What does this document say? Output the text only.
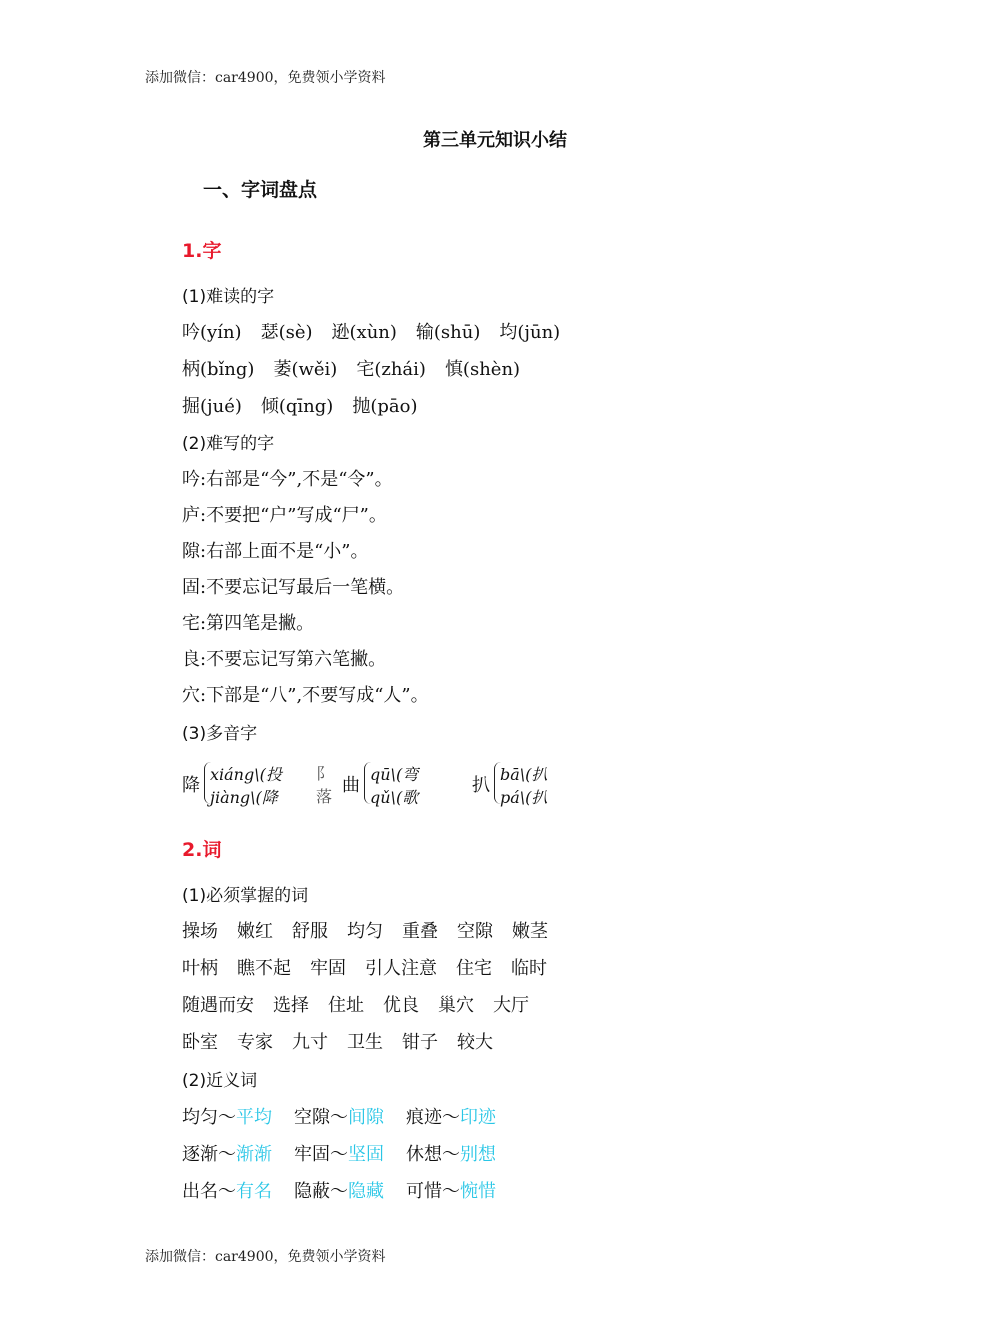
添加微信：car4900，免费领小学资料
第三单元知识小结
一、字词盘点
1.字
(1)难读的字
吟(yín) 瑟(sè) 逊(xùn) 输(shū) 均(jūn)
柄(bǐng) 萎(wěi) 宅(zhái) 慎(shèn)
掘(jué) 倾(qīng) 抛(pāo)
(2)难写的字
吟:右部是“今”,不是“令”。
庐:不要把“户”写成“尸”。
隙:右部上面不是“小”。
固:不要忘记写最后一笔横。
宅:第四笔是撇。
良:不要忘记写第六笔撇。
穴:下部是“八”,不要写成“人”。
(3)多音字
降
xiáng\(投
jiàng\(降
阝
落
曲
qū\(弯
qǔ\(歌
扒
bā\(扒
pá\(扒
2.词
(1)必须掌握的词
操场 嫩红 舒服 均匀 重叠 空隙 嫩茎
叶柄 瞧不起 牢固 引人注意 住宅 临时
随遇而安 选择 住址 优良 巢穴 大厅
卧室 专家 九寸 卫生 钳子 较大
(2)近义词
均匀～平均 空隙～间隙 痕迹～印迹
逐渐～渐渐 牢固～坚固 休想～别想
出名～有名 隐蔽～隐藏 可惜～惋惜
添加微信：car4900，免费领小学资料
